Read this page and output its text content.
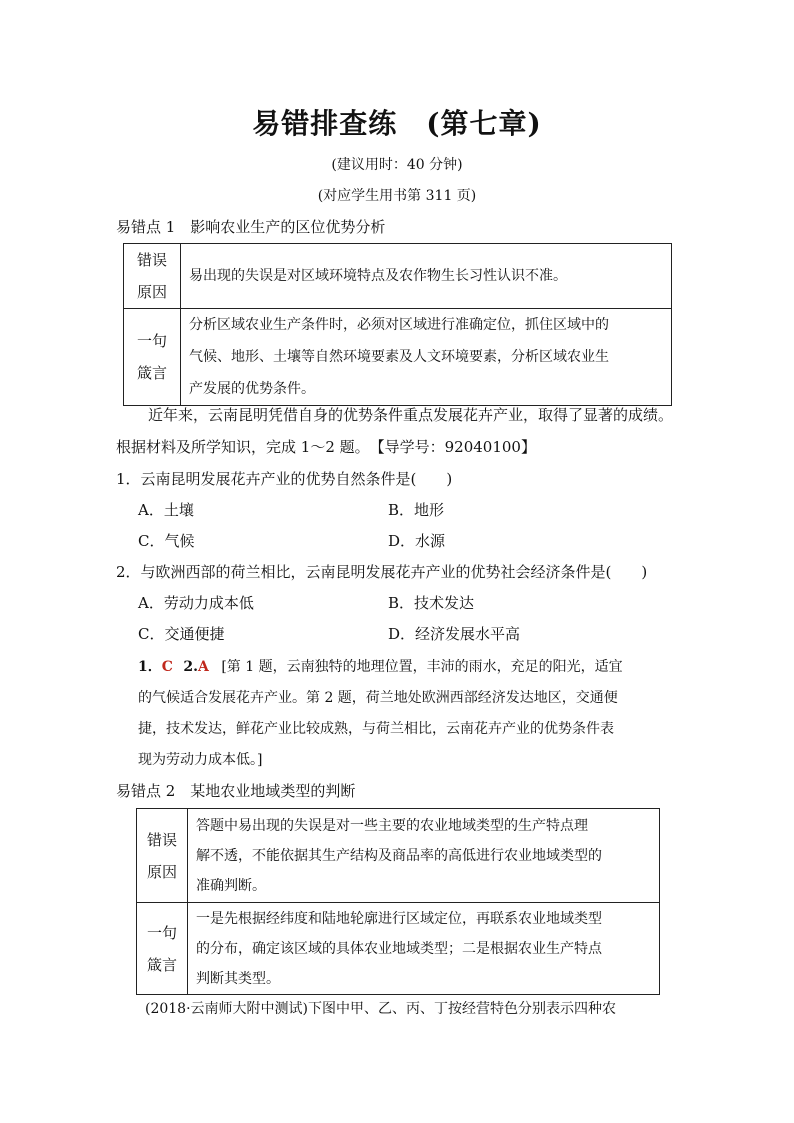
易错排查练　(第七章)
(建议用时：40 分钟)
(对应学生用书第 311 页)
易错点 1　影响农业生产的区位优势分析
错误
原因	易出现的失误是对区域环境特点及农作物生长习性认识不准。

一句
箴言	分析区域农业生产条件时，必须对区域进行准确定位，抓住区域中的
气候、地形、土壤等自然环境要素及人文环境要素，分析区域农业生
产发展的优势条件。
近年来，云南昆明凭借自身的优势条件重点发展花卉产业，取得了显著的成绩。
根据材料及所学知识，完成 1～2 题。　【导学号：92040100】
1．云南昆明发展花卉产业的优势自然条件是(　　)
A．土壤	B．地形
C．气候	D．水源
2．与欧洲西部的荷兰相比，云南昆明发展花卉产业的优势社会经济条件是(　　)
A．劳动力成本低	B．技术发达
C．交通便捷	D．经济发展水平高
1．C 2.A [第 1 题，云南独特的地理位置，丰沛的雨水，充足的阳光，适宜
的气候适合发展花卉产业。第 2 题，荷兰地处欧洲西部经济发达地区，交通便
捷，技术发达，鲜花产业比较成熟，与荷兰相比，云南花卉产业的优势条件表
现为劳动力成本低。]
易错点 2　某地农业地域类型的判断
错误
原因	答题中易出现的失误是对一些主要的农业地域类型的生产特点理
解不透，不能依据其生产结构及商品率的高低进行农业地域类型的
准确判断。

一句
箴言	一是先根据经纬度和陆地轮廓进行区域定位，再联系农业地域类型
的分布，确定该区域的具体农业地域类型；二是根据农业生产特点
判断其类型。
(2018·云南师大附中测试)下图中甲、乙、丙、丁按经营特色分别表示四种农
